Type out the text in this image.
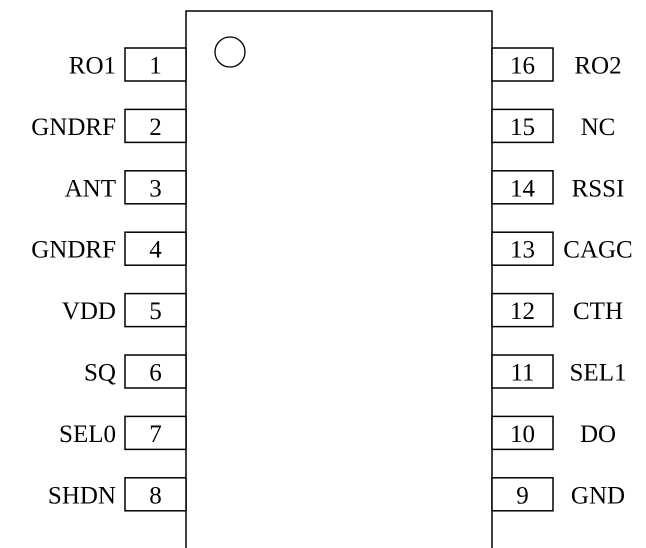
1
RO1
2
GNDRF
3
ANT
4
GNDRF
5
VDD
6
SQ
7
SEL0
8
SHDN
16 RO2
15 NC
14 RSSI
13 CAGC
12 CTH
11 SEL1
10 DO
9 GND
